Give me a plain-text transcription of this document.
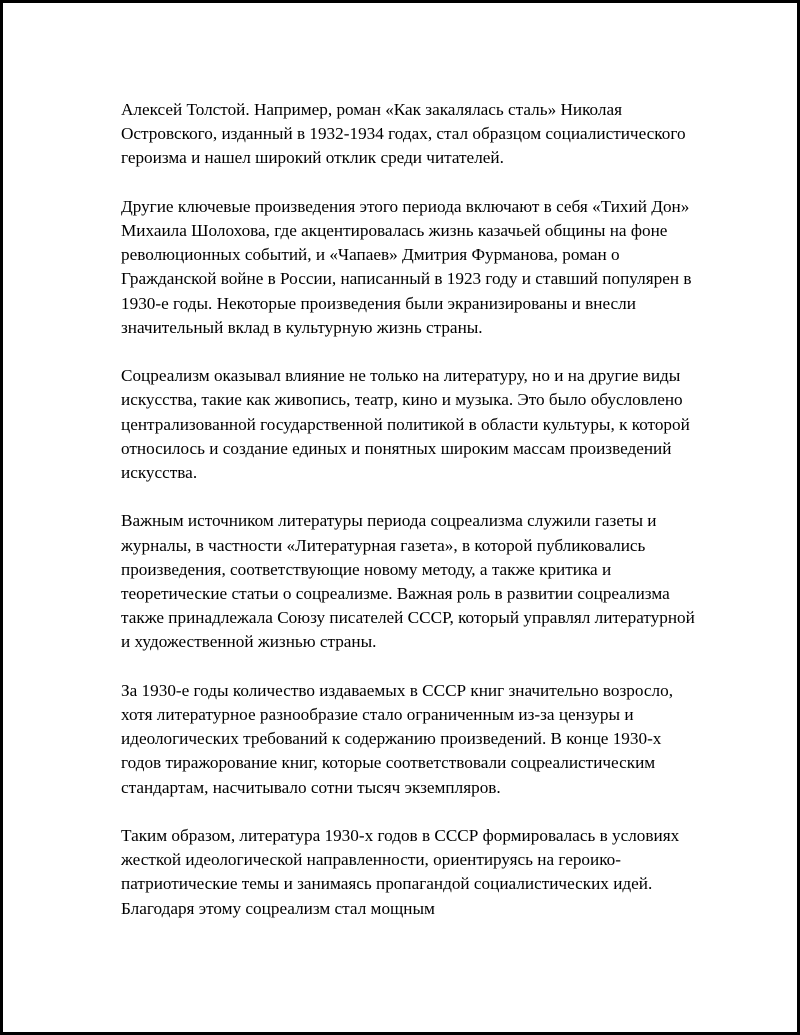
Алексей Толстой. Например, роман «Как закалялась сталь» Николая Островского, изданный в 1932-1934 годах, стал образцом социалистического героизма и нашел широкий отклик среди читателей.

Другие ключевые произведения этого периода включают в себя «Тихий Дон» Михаила Шолохова, где акцентировалась жизнь казачьей общины на фоне революционных событий, и «Чапаев» Дмитрия Фурманова, роман о Гражданской войне в России, написанный в 1923 году и ставший популярен в 1930-е годы. Некоторые произведения были экранизированы и внесли значительный вклад в культурную жизнь страны.

Соцреализм оказывал влияние не только на литературу, но и на другие виды искусства, такие как живопись, театр, кино и музыка. Это было обусловлено централизованной государственной политикой в области культуры, к которой относилось и создание единых и понятных широким массам произведений искусства.

Важным источником литературы периода соцреализма служили газеты и журналы, в частности «Литературная газета», в которой публиковались произведения, соответствующие новому методу, а также критика и теоретические статьи о соцреализме. Важная роль в развитии соцреализма также принадлежала Союзу писателей СССР, который управлял литературной и художественной жизнью страны.

За 1930-е годы количество издаваемых в СССР книг значительно возросло, хотя литературное разнообразие стало ограниченным из-за цензуры и идеологических требований к содержанию произведений. В конце 1930-х годов тиражорование книг, которые соответствовали соцреалистическим стандартам, насчитывало сотни тысяч экземпляров.

Таким образом, литература 1930-х годов в СССР формировалась в условиях жесткой идеологической направленности, ориентируясь на героико-патриотические темы и занимаясь пропагандой социалистических идей. Благодаря этому соцреализм стал мощным
